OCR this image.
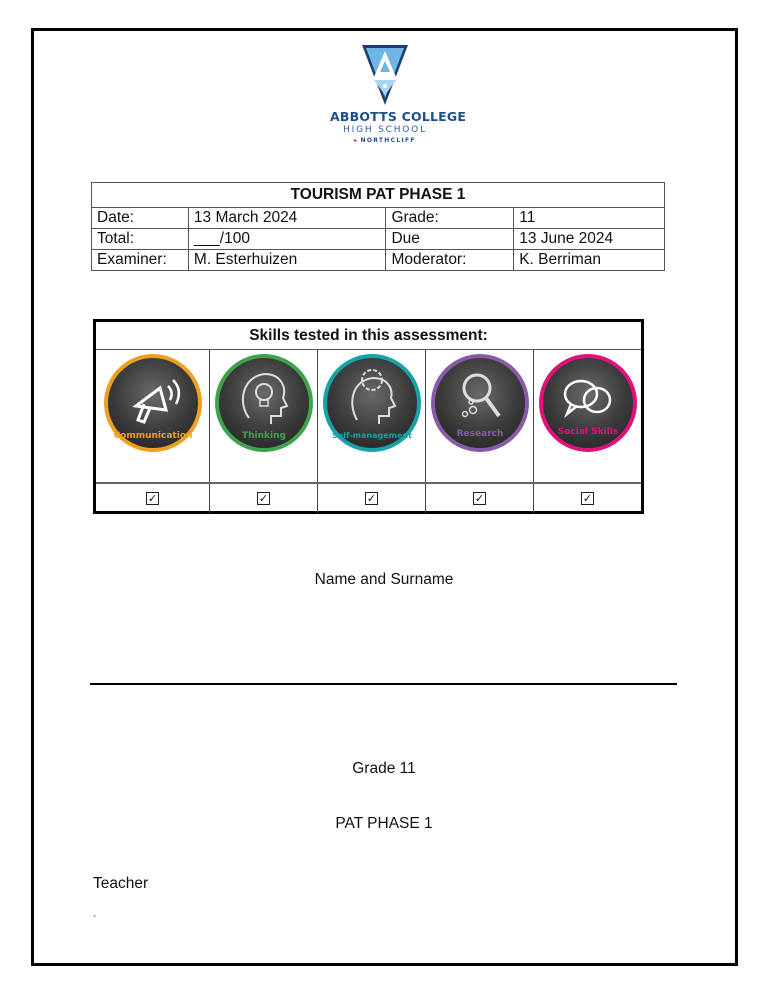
ABBOTTS COLLEGE
HIGH SCHOOL
▸ NORTHCLIFF
TOURISM PAT PHASE 1			
Date:	13 March 2024	Grade:	11
Total:	___/100	Due	13 June 2024
Examiner:	M. Esterhuizen	Moderator:	K. Berriman
Skills tested in this assessment:
Communication	Thinking	Self-management	Research	Social Skills
✓	✓	✓	✓	✓
Name and Surname
Grade 11
PAT PHASE 1
Teacher
`
